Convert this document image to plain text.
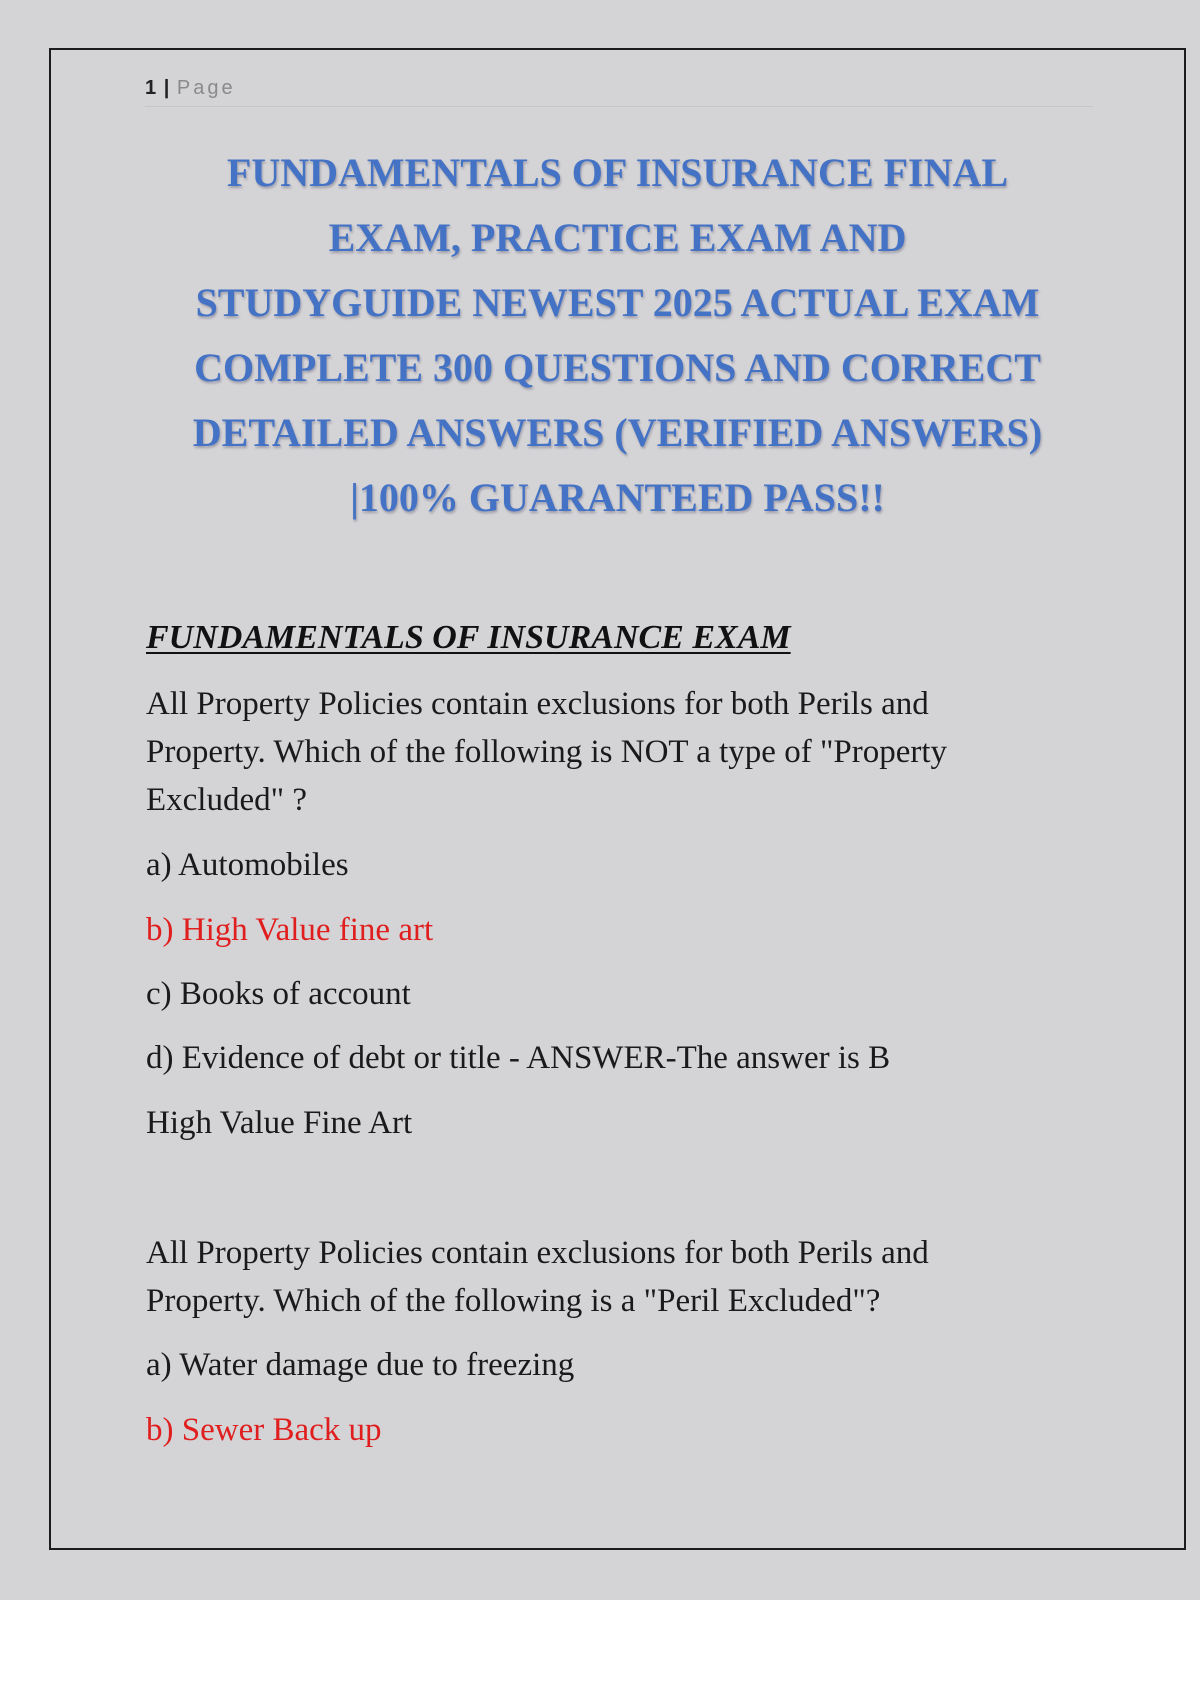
1 | Page
FUNDAMENTALS OF INSURANCE FINAL
EXAM, PRACTICE EXAM AND
STUDYGUIDE NEWEST 2025 ACTUAL EXAM
COMPLETE 300 QUESTIONS AND CORRECT
DETAILED ANSWERS (VERIFIED ANSWERS)
|100% GUARANTEED PASS!!
FUNDAMENTALS OF INSURANCE EXAM

All Property Policies contain exclusions for both Perils and
Property. Which of the following is NOT a type of "Property
Excluded" ?

a) Automobiles

b) High Value fine art

c) Books of account

d) Evidence of debt or title - ANSWER-The answer is B

High Value Fine Art

All Property Policies contain exclusions for both Perils and
Property. Which of the following is a "Peril Excluded"?

a) Water damage due to freezing

b) Sewer Back up
